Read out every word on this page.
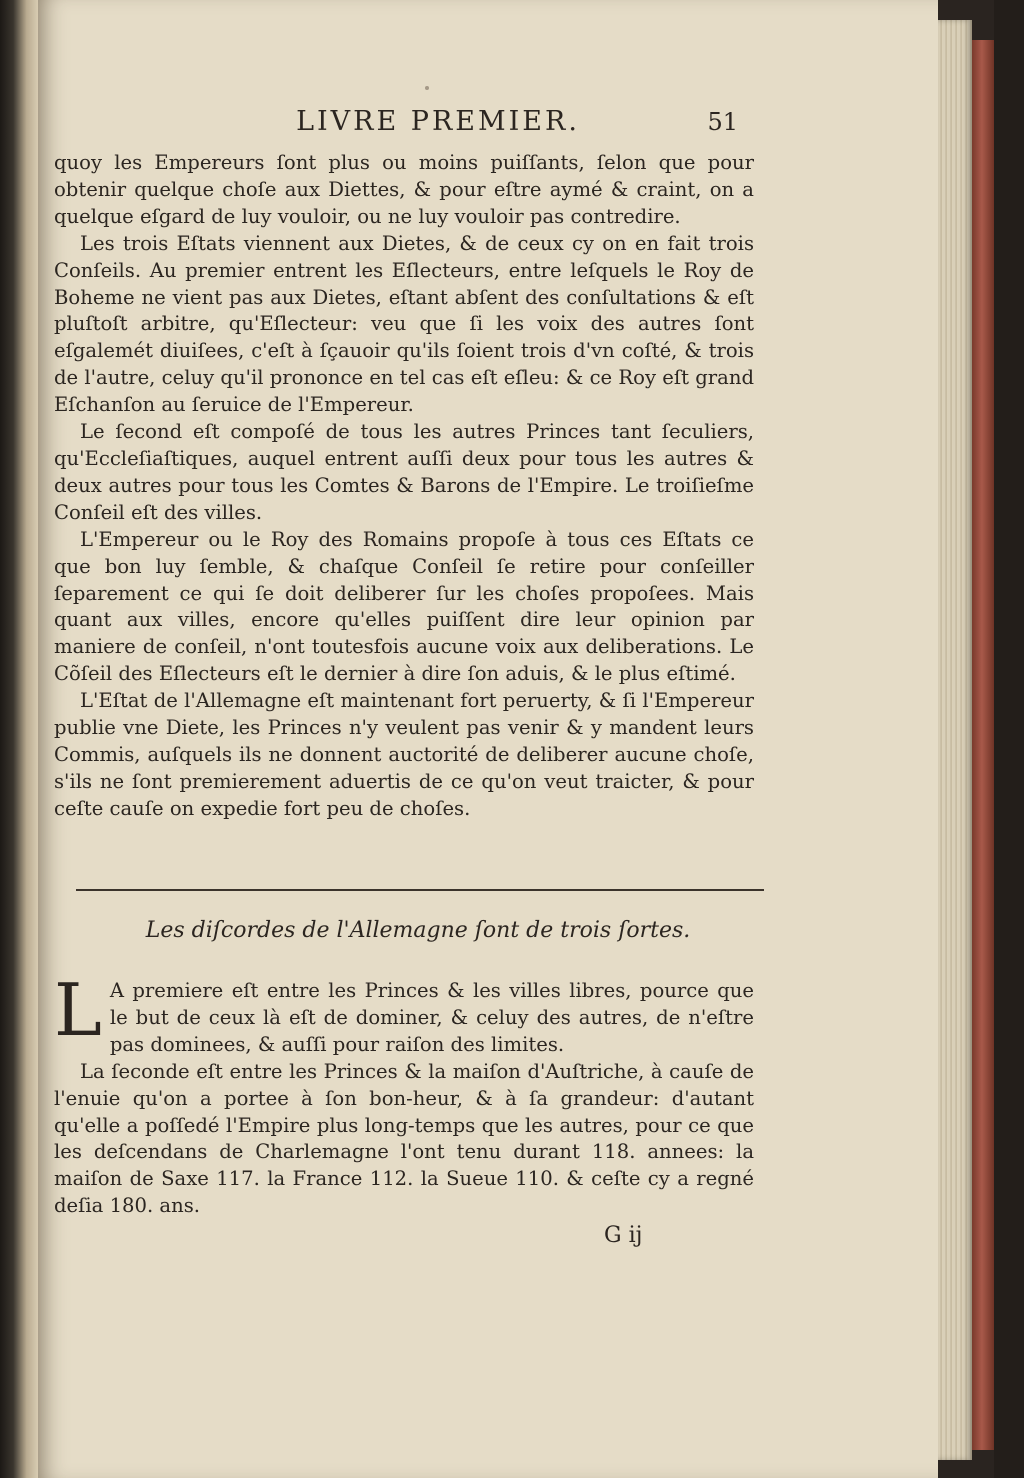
LIVRE PREMIER.	51

quoy les Empereurs ſont plus ou moins puiſſants, ſelon que pour obtenir quelque choſe aux Diettes, & pour eſtre aymé & craint, on a quelque eſgard de luy vouloir, ou ne luy vouloir pas contredire.

Les trois Eſtats viennent aux Dietes, & de ceux cy on en fait trois Conſeils. Au premier entrent les Eſlecteurs, entre leſquels le Roy de Boheme ne vient pas aux Dietes, eſtant abſent des conſultations & eſt pluſtoſt arbitre, qu'Eſlecteur: veu que ſi les voix des autres ſont eſgalemét diuiſees, c'eſt à ſçauoir qu'ils ſoient trois d'vn coſté, & trois de l'autre, celuy qu'il prononce en tel cas eſt eſleu: & ce Roy eſt grand Eſchanſon au ſeruice de l'Empereur.

Le ſecond eſt compoſé de tous les autres Princes tant ſeculiers, qu'Eccleſiaſtiques, auquel entrent auſſi deux pour tous les autres & deux autres pour tous les Comtes & Barons de l'Empire. Le troiſieſme Conſeil eſt des villes.

L'Empereur ou le Roy des Romains propoſe à tous ces Eſtats ce que bon luy ſemble, & chaſque Conſeil ſe retire pour conſeiller ſeparement ce qui ſe doit deliberer ſur les choſes propoſees. Mais quant aux villes, encore qu'elles puiſſent dire leur opinion par maniere de conſeil, n'ont toutesfois aucune voix aux deliberations. Le Cõſeil des Eſlecteurs eſt le dernier à dire ſon aduis, & le plus eſtimé.

L'Eſtat de l'Allemagne eſt maintenant fort peruerty, & ſi l'Empereur publie vne Diete, les Princes n'y veulent pas venir & y mandent leurs Commis, auſquels ils ne donnent auctorité de deliberer aucune choſe, s'ils ne ſont premierement aduertis de ce qu'on veut traicter, & pour ceſte cauſe on expedie fort peu de choſes.

Les diſcordes de l'Allemagne ſont de trois ſortes.

L A premiere eſt entre les Princes & les villes libres, pource que le but de ceux là eſt de dominer, & celuy des autres, de n'eſtre pas dominees, & auſſi pour raiſon des limites.

La ſeconde eſt entre les Princes & la maiſon d'Auſtriche, à cauſe de l'enuie qu'on a portee à ſon bon-heur, & à ſa grandeur: d'autant qu'elle a poſſedé l'Empire plus long-temps que les autres, pour ce que les deſcendans de Charlemagne l'ont tenu durant 118. annees: la maiſon de Saxe 117. la France 112. la Sueue 110. & ceſte cy a regné deſia 180. ans.

G ij
